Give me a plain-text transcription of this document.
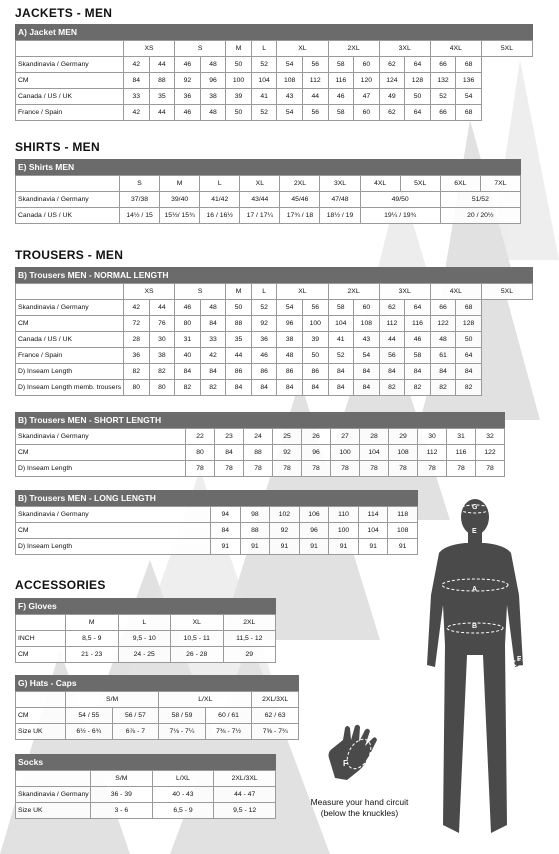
JACKETS - MEN
SHIRTS - MEN
TROUSERS - MEN
ACCESSORIES
A) Jacket MEN
	XS		S		M	L	XL		2XL		3XL		4XL		5XL
Skandinavia / Germany	42	44	46	48	50	52	54	56	58	60	62	64	66	68	
CM	84	88	92	96	100	104	108	112	116	120	124	128	132	136	
Canada / US / UK	33	35	36	38	39	41	43	44	46	47	49	50	52	54	
France / Spain	42	44	46	48	50	52	54	56	58	60	62	64	66	68	
E) Shirts MEN
	S	M	L	XL	2XL	3XL	4XL	5XL	6XL	7XL
Skandinavia / Germany	37/38	39/40	41/42	43/44	45/46	47/48	49/50		51/52	
Canada / US / UK	14½ / 15	15½/ 15¾	16 / 16½	17 / 17¼	17¾ / 18	18½ / 19	19¼ / 19¾		20 / 20½	
B) Trousers MEN - NORMAL LENGTH
	XS		S		M	L	XL		2XL		3XL		4XL		5XL
Skandinavia / Germany	42	44	46	48	50	52	54	56	58	60	62	64	66	68	
CM	72	76	80	84	88	92	96	100	104	108	112	116	122	128	
Canada / US / UK	28	30	31	33	35	36	38	39	41	43	44	46	48	50	
France / Spain	36	38	40	42	44	46	48	50	52	54	56	58	61	64	
D) Inseam Length	82	82	84	84	86	86	86	86	84	84	84	84	84	84	
D) Inseam Length memb. trousers	80	80	82	82	84	84	84	84	84	84	82	82	82	82	
B) Trousers MEN - SHORT LENGTH
Skandinavia / Germany	22	23	24	25	26	27	28	29	30	31	32
CM	80	84	88	92	96	100	104	108	112	116	122
D) Inseam Length	78	78	78	78	78	78	78	78	78	78	78
B) Trousers MEN - LONG LENGTH
Skandinavia / Germany	94	98	102	106	110	114	118
CM	84	88	92	96	100	104	108
D) Inseam Length	91	91	91	91	91	91	91
F) Gloves
	M	L	XL	2XL
INCH	8,5 - 9	9,5 - 10	10,5 - 11	11,5 - 12
CM	21 - 23	24 - 25	26 - 28	29
G) Hats - Caps
	S/M		L/XL		2XL/3XL
CM	54 / 55	56 / 57	58 / 59	60 / 61	62 / 63
Size UK	6½ - 6¾	6⅞ - 7	7⅛ - 7¼	7⅜ - 7½	7⅝ - 7¾
Socks
	S/M	L/XL	2XL/3XL
Skandinavia / Germany	36 - 39	40 - 43	44 - 47
Size UK	3 - 6	6,5 - 9	9,5 - 12
G
E
A
B
D
F
F
Measure your hand circuit
(below the knuckles)
